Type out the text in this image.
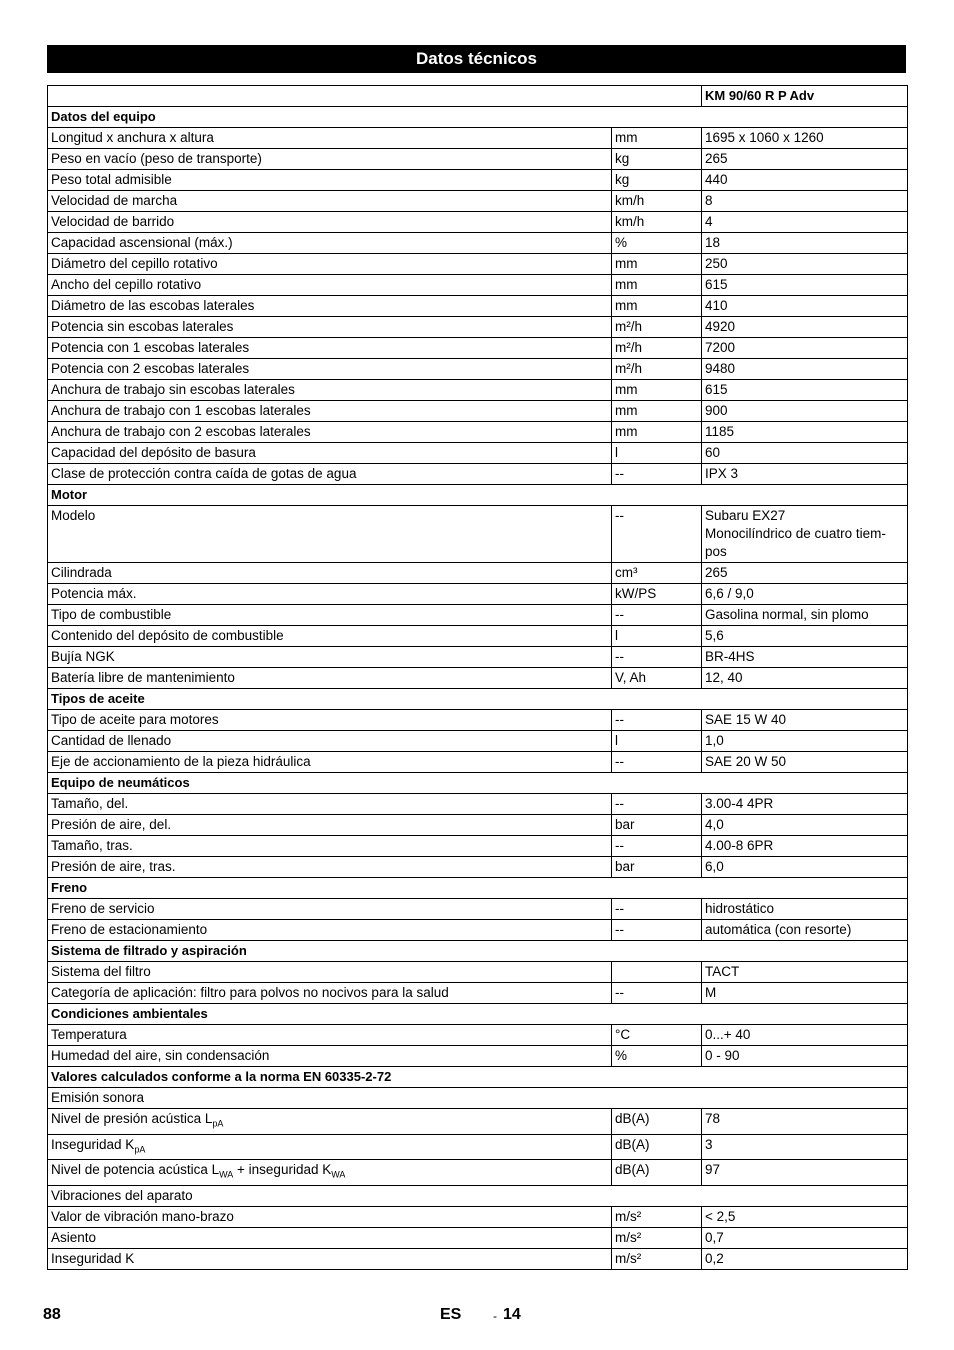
Datos técnicos
		KM 90/60 R P Adv
Datos del equipo		
Longitud x anchura x altura	mm	1695 x 1060 x 1260

Peso en vacío (peso de transporte)	kg	265

Peso total admisible	kg	440

Velocidad de marcha	km/h	8

Velocidad de barrido	km/h	4

Capacidad ascensional (máx.)	%	18

Diámetro del cepillo rotativo	mm	250

Ancho del cepillo rotativo	mm	615

Diámetro de las escobas laterales	mm	410

Potencia sin escobas laterales	m²/h	4920

Potencia con 1 escobas laterales	m²/h	7200

Potencia con 2 escobas laterales	m²/h	9480

Anchura de trabajo sin escobas laterales	mm	615

Anchura de trabajo con 1 escobas laterales	mm	900

Anchura de trabajo con 2 escobas laterales	mm	1185

Capacidad del depósito de basura	l	60

Clase de protección contra caída de gotas de agua	--	IPX 3

Motor		
Modelo	--	Subaru EX27
Monocilíndrico de cuatro tiem-
pos

Cilindrada	cm³	265

Potencia máx.	kW/PS	6,6 / 9,0

Tipo de combustible	--	Gasolina normal, sin plomo

Contenido del depósito de combustible	l	5,6

Bujía NGK	--	BR-4HS

Batería libre de mantenimiento	V, Ah	12, 40

Tipos de aceite		
Tipo de aceite para motores	--	SAE 15 W 40

Cantidad de llenado	l	1,0

Eje de accionamiento de la pieza hidráulica	--	SAE 20 W 50

Equipo de neumáticos		
Tamaño, del.	--	3.00-4 4PR

Presión de aire, del.	bar	4,0

Tamaño, tras.	--	4.00-8 6PR

Presión de aire, tras.	bar	6,0

Freno		
Freno de servicio	--	hidrostático

Freno de estacionamiento	--	automática (con resorte)

Sistema de filtrado y aspiración		
Sistema del filtro		TACT

Categoría de aplicación: filtro para polvos no nocivos para la salud	--	M

Condiciones ambientales		
Temperatura	°C	0...+ 40

Humedad del aire, sin condensación	%	0 - 90

Valores calculados conforme a la norma EN 60335-2-72		
Emisión sonora		
Nivel de presión acústica $L_{pA}$	dB(A)	78

Inseguridad $K_{pA}$	dB(A)	3

Nivel de potencia acústica $L_{WA}$ + inseguridad $K_{WA}$	dB(A)	97

Vibraciones del aparato		
Valor de vibración mano-brazo	m/s²	< 2,5

Asiento	m/s²	0,7

Inseguridad K	m/s²	0,2
88	ES	- 14
